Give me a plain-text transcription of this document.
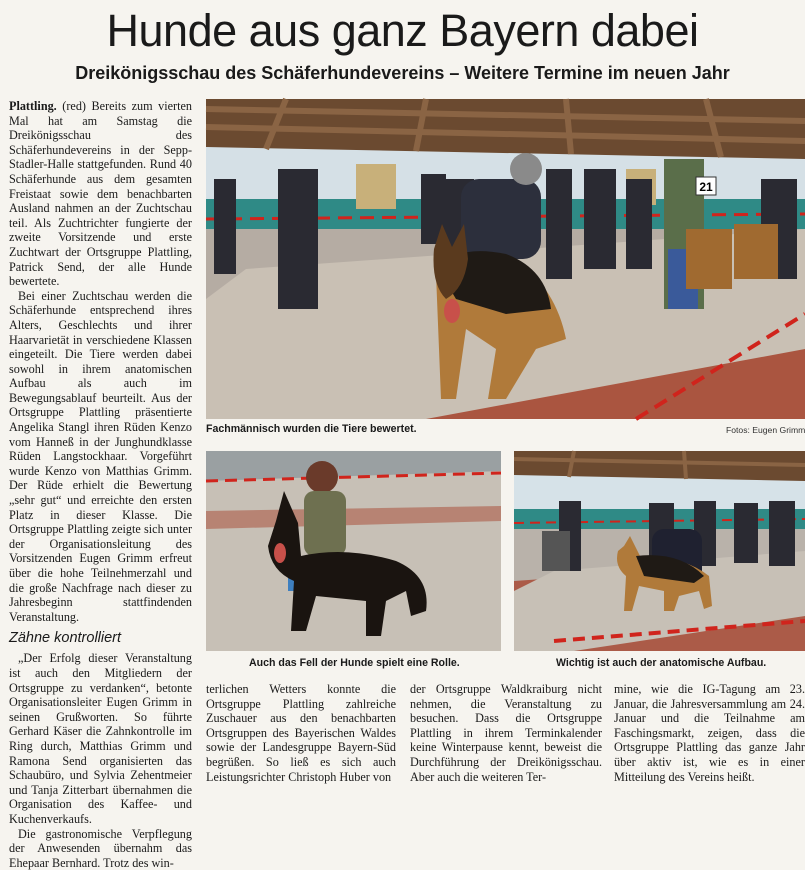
Hunde aus ganz Bayern dabei
Dreikönigsschau des Schäferhundevereins – Weitere Termine im neuen Jahr

Plattling. (red) Bereits zum vierten Mal hat am Samstag die Dreikönigsschau des Schäferhundevereins in der Sepp-Stadler-Halle stattgefunden. Rund 40 Schäferhunde aus dem gesamten Freistaat sowie dem benachbarten Ausland nahmen an der Zuchtschau teil. Als Zuchtrichter fungierte der zweite Vorsitzende und erste Zuchtwart der Ortsgruppe Plattling, Patrick Send, der alle Hunde bewertete.

Bei einer Zuchtschau werden die Schäferhunde entsprechend ihres Alters, Geschlechts und ihrer Haarvarietät in verschiedene Klassen eingeteilt. Die Tiere werden dabei sowohl in ihrem anatomischen Aufbau als auch im Bewegungsablauf beurteilt. Aus der Ortsgruppe Plattling präsentierte Angelika Stangl ihren Rüden Kenzo vom Hanneß in der Junghundklasse Rüden Langstockhaar. Vorgeführt wurde Kenzo von Matthias Grimm. Der Rüde erhielt die Bewertung „sehr gut“ und erreichte den ersten Platz in dieser Klasse. Die Ortsgruppe Plattling zeigte sich unter der Organisationsleitung des Vorsitzenden Eugen Grimm erfreut über die hohe Teilnehmerzahl und die große Nachfrage nach dieser zu Jahresbeginn stattfindenden Veranstaltung.

Zähne kontrolliert

„Der Erfolg dieser Veranstaltung ist auch den Mitgliedern der Ortsgruppe zu verdanken“, betonte Organisationsleiter Eugen Grimm in seinen Grußworten. So führte Gerhard Käser die Zahnkontrolle im Ring durch, Matthias Grimm und Ramona Send organisierten das Schaubüro, und Sylvia Zehentmeier und Tanja Zitterbart übernahmen die Organisation des Kaffee- und Kuchenverkaufs.

Die gastronomische Verpflegung der Anwesenden übernahm das Ehepaar Bernhard. Trotz des win-

21
Fachmännisch wurden die Tiere bewertet.	Fotos: Eugen Grimm
Auch das Fell der Hunde spielt eine Rolle.	Wichtig ist auch der anatomische Aufbau.

terlichen Wetters konnte die Ortsgruppe Plattling zahlreiche Zuschauer aus den benachbarten Ortsgruppen des Bayerischen Waldes sowie der Landesgruppe Bayern-Süd begrüßen. So ließ es sich auch Leistungsrichter Christoph Huber von

der Ortsgruppe Waldkraiburg nicht nehmen, die Veranstaltung zu besuchen. Dass die Ortsgruppe Plattling in ihrem Terminkalender keine Winterpause kennt, beweist die Durchführung der Dreikönigsschau. Aber auch die weiteren Ter-

mine, wie die IG-Tagung am 23. Januar, die Jahresversammlung am 24. Januar und die Teilnahme am Faschingsmarkt, zeigen, dass die Ortsgruppe Plattling das ganze Jahr über aktiv ist, wie es in einer Mitteilung des Vereins heißt.
